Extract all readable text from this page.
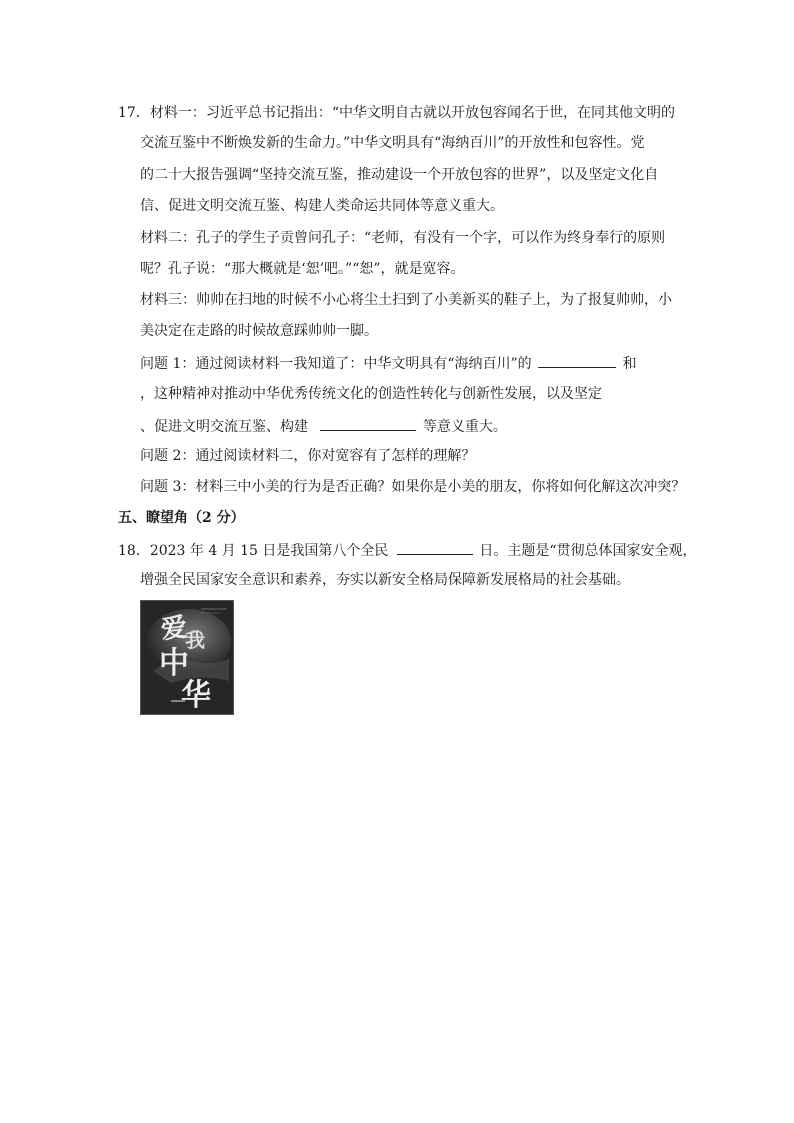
17．材料一：习近平总书记指出：“中华文明自古就以开放包容闻名于世，在同其他文明的
交流互鉴中不断焕发新的生命力。”中华文明具有“海纳百川”的开放性和包容性。党
的二十大报告强调“坚持交流互鉴，推动建设一个开放包容的世界”，以及坚定文化自
信、促进文明交流互鉴、构建人类命运共同体等意义重大。
材料二：孔子的学生子贡曾问孔子：“老师，有没有一个字，可以作为终身奉行的原则
呢？孔子说：“那大概就是‘恕’吧。”“恕”，就是宽容。
材料三：帅帅在扫地的时候不小心将尘土扫到了小美新买的鞋子上，为了报复帅帅，小
美决定在走路的时候故意踩帅帅一脚。
问题 1：通过阅读材料一我知道了：中华文明具有“海纳百川”的	和
，这种精神对推动中华优秀传统文化的创造性转化与创新性发展，以及坚定
、促进文明交流互鉴、构建	等意义重大。
问题 2：通过阅读材料二，你对宽容有了怎样的理解？
问题 3：材料三中小美的行为是否正确？如果你是小美的朋友，你将如何化解这次冲突？
五、瞭望角（2 分）
18．2023 年 4 月 15 日是我国第八个全民	日。主题是“贯彻总体国家安全观，
增强全民国家安全意识和素养，夯实以新安全格局保障新发展格局的社会基础。
爱
我
中
华
